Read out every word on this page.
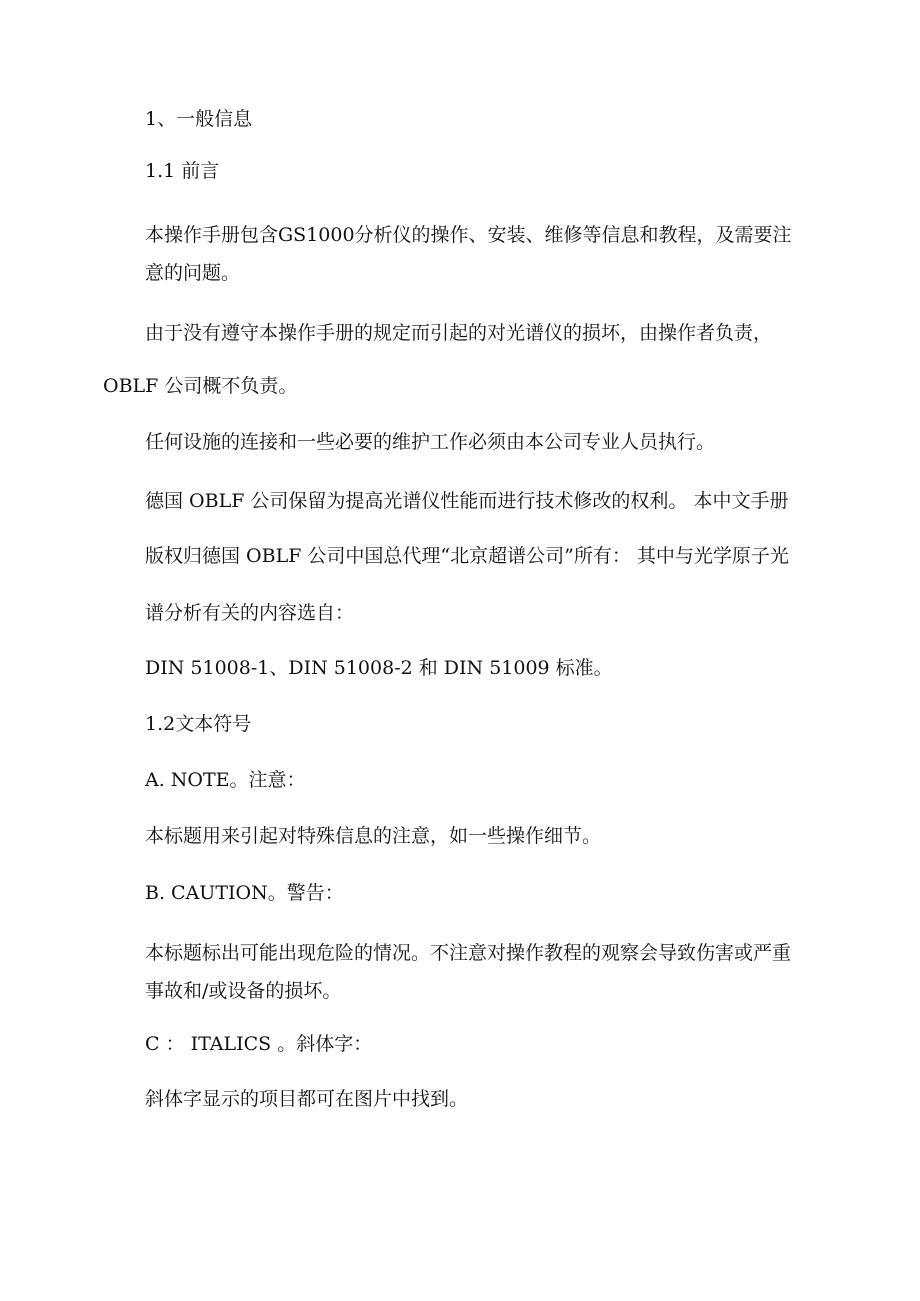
1、一般信息

1.1 前言

本操作手册包含GS1000分析仪的操作、安装、维修等信息和教程，及需要注

意的问题。

由于没有遵守本操作手册的规定而引起的对光谱仪的损坏，由操作者负责，

OBLF 公司概不负责。

任何设施的连接和一些必要的维护工作必须由本公司专业人员执行。

德国 OBLF 公司保留为提高光谱仪性能而进行技术修改的权利。 本中文手册

版权归德国 OBLF 公司中国总代理“北京超谱公司”所有： 其中与光学原子光

谱分析有关的内容选自：

DIN 51008-1、DIN 51008-2 和 DIN 51009 标准。

1.2文本符号

A. NOTE。注意：

本标题用来引起对特殊信息的注意，如一些操作细节。

B. CAUTION。警告：

本标题标出可能出现危险的情况。不注意对操作教程的观察会导致伤害或严重

事故和/或设备的损坏。

C ： ITALICS 。斜体字：

斜体字显示的项目都可在图片中找到。
